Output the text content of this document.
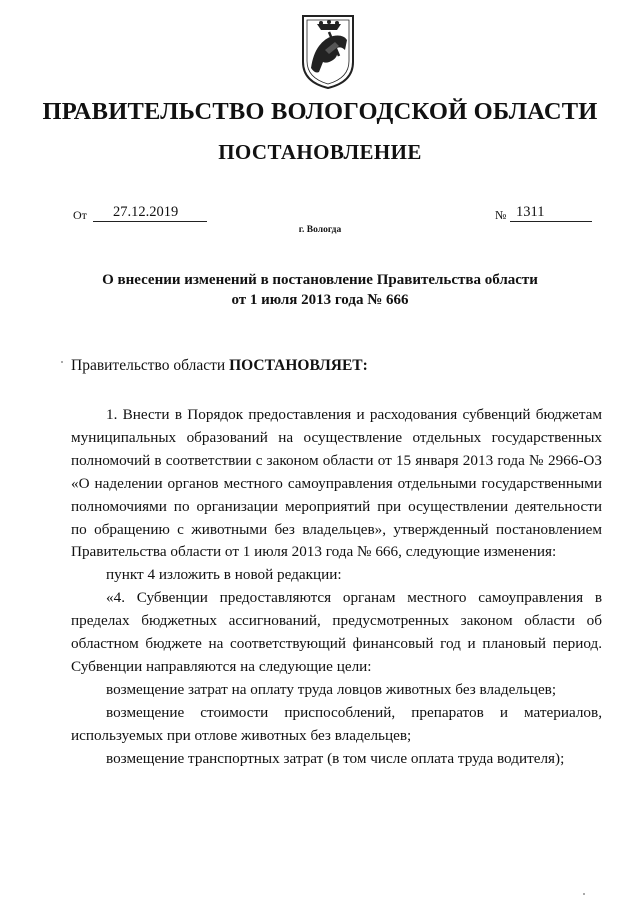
ПРАВИТЕЛЬСТВО ВОЛОГОДСКОЙ ОБЛАСТИ
ПОСТАНОВЛЕНИЕ
От	27.12.2019	№ 1311
г. Вологда
О внесении изменений в постановление Правительства области
от 1 июля 2013 года № 666
Правительство области ПОСТАНОВЛЯЕТ:

1. Внести в Порядок предоставления и расходования субвенций бюджетам муниципальных образований на осуществление отдельных государственных полномочий в соответствии с законом области от 15 января 2013 года № 2966-ОЗ «О наделении органов местного самоуправления отдельными государственными полномочиями по организации мероприятий при осуществлении деятельности по обращению с животными без владельцев», утвержденный постановлением Правительства области от 1 июля 2013 года № 666, следующие изменения:

пункт 4 изложить в новой редакции:

«4. Субвенции предоставляются органам местного самоуправления в пределах бюджетных ассигнований, предусмотренных законом области об областном бюджете на соответствующий финансовый год и плановый период. Субвенции направляются на следующие цели:

возмещение затрат на оплату труда ловцов животных без владельцев;

возмещение стоимости приспособлений, препаратов и материалов, используемых при отлове животных без владельцев;

возмещение транспортных затрат (в том числе оплата труда водителя);
